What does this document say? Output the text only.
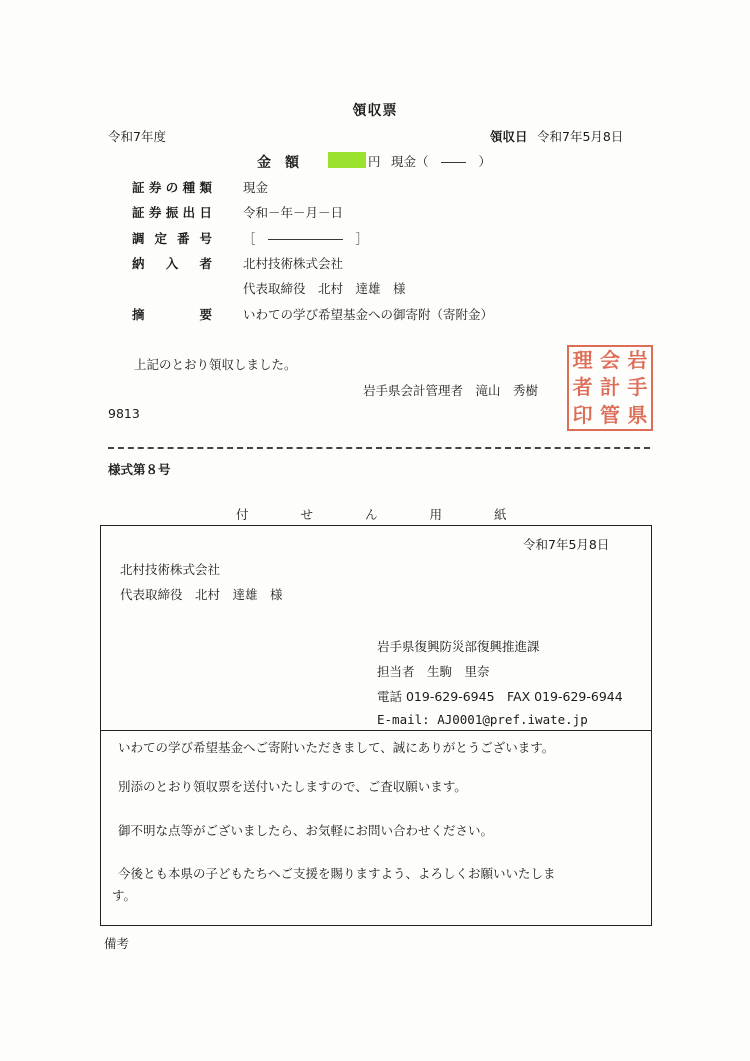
領収票
令和7年度	領収日 令和7年5月8日
金　額	円 現金（　――　）
証 券 の 種 類 現金
証 券 振 出 日 令和－年－月－日
調 定 番 号 ［　――――――　］
納 入 者 北村技術株式会社
代表取締役　北村　達雄　様
摘	要 いわての学び希望基金への御寄附（寄附金）
上記のとおり領収しました。
岩手県会計管理者　滝山　秀樹
9813
理 会 岩
者 計 手
印 管 県
様式第８号
付せん用紙
令和7年5月8日
北村技術株式会社
代表取締役　北村　達雄　様
岩手県復興防災部復興推進課
担当者　生駒　里奈
電話 019-629-6945　FAX 019-629-6944
E-mail: AJ0001@pref.iwate.jp
いわての学び希望基金へご寄附いただきまして、誠にありがとうございます。
別添のとおり領収票を送付いたしますので、ご査収願います。
御不明な点等がございましたら、お気軽にお問い合わせください。
今後とも本県の子どもたちへご支援を賜りますよう、よろしくお願いいたしま
す。
備考
